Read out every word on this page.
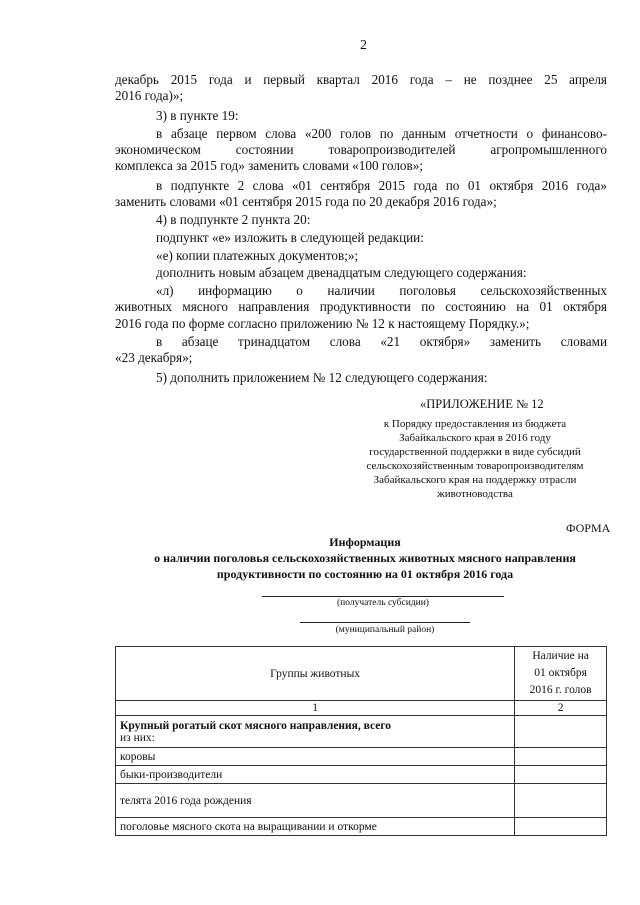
2
декабрь 2015 года и первый квартал 2016 года – не позднее 25 апреля
2016 года)»;
3) в пункте 19:
в абзаце первом слова «200 голов по данным отчетности о финансово-
экономическом состоянии товаропроизводителей агропромышленного
комплекса за 2015 год» заменить словами «100 голов»;
в подпункте 2 слова «01 сентября 2015 года по 01 октября 2016 года»
заменить словами «01 сентября 2015 года по 20 декабря 2016 года»;
4) в подпункте 2 пункта 20:
подпункт «е» изложить в следующей редакции:
«е) копии платежных документов;»;
дополнить новым абзацем двенадцатым следующего содержания:
«л) информацию о наличии поголовья сельскохозяйственных
животных мясного направления продуктивности по состоянию на 01 октября
2016 года по форме согласно приложению № 12 к настоящему Порядку.»;
в абзаце тринадцатом слова «21 октября» заменить словами
«23 декабря»;
5) дополнить приложением № 12 следующего содержания:
«ПРИЛОЖЕНИЕ № 12
к Порядку предоставления из бюджета
Забайкальского края в 2016 году
государственной поддержки в виде субсидий
сельскохозяйственным товаропроизводителям
Забайкальского края на поддержку отрасли
животноводства
ФОРМА
Информация
о наличии поголовья сельскохозяйственных животных мясного направления
продуктивности по состоянию на 01 октября 2016 года
(получатель субсидии)
(муниципальный район)
Группы животных	Наличие на
01 октября
2016 г. голов

1	2

Крупный рогатый скот мясного направления, всего
из них:	

коровы	
быки-производители	
телята 2016 года рождения	
поголовье мясного скота на выращивании и откорме	
